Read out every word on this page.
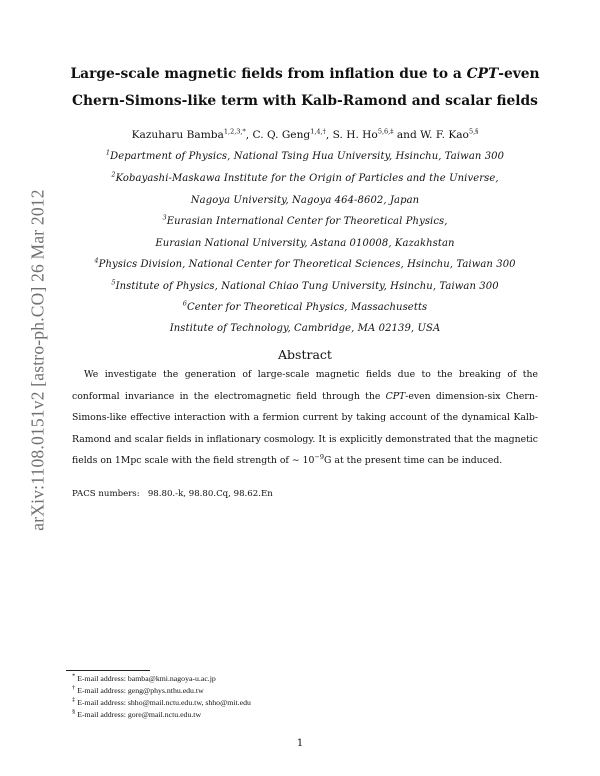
arXiv:1108.0151v2 [astro-ph.CO] 26 Mar 2012
Large-scale magnetic fields from inflation due to a CPT-even
Chern-Simons-like term with Kalb-Ramond and scalar fields
Kazuharu Bamba$^{1,2,3,*}$, C. Q. Geng$^{1,4,\dagger}$, S. H. $Ho^{5,6,\ddagger}$ and W. F. Kao$^{5,\S}$
$^1$Department of Physics, National Tsing Hua University, Hsinchu, Taiwan 300
$^2$Kobayashi-Maskawa Institute for the Origin of Particles and the Universe,
Nagoya University, Nagoya 464-8602, Japan
$^3$Eurasian International Center for Theoretical Physics,
Eurasian National University, Astana 010008, Kazakhstan
$^4$Physics Division, National Center for Theoretical Sciences, Hsinchu, Taiwan 300
$^5$Institute of Physics, National Chiao Tung University, Hsinchu, Taiwan 300
$^6$Center for Theoretical Physics, Massachusetts
Institute of Technology, Cambridge, MA 02139, USA
Abstract
We investigate the generation of large-scale magnetic fields due to the breaking of the conformal invariance in the electromagnetic field through the CPT-even dimension-six Chern-Simons-like effective interaction with a fermion current by taking account of the dynamical Kalb-Ramond and scalar fields in inflationary cosmology. It is explicitly demonstrated that the magnetic fields on 1Mpc scale with the field strength of ∼ $10^{-9}G$ at the present time can be induced.
PACS numbers: 98.80.-k, 98.80.Cq, 98.62.En
* E-mail address: bamba@kmi.nagoya-u.ac.jp
† E-mail address: geng@phys.nthu.edu.tw
‡ E-mail address: shho@mail.nctu.edu.tw, shho@mit.edu
§ E-mail address: gore@mail.nctu.edu.tw
1
